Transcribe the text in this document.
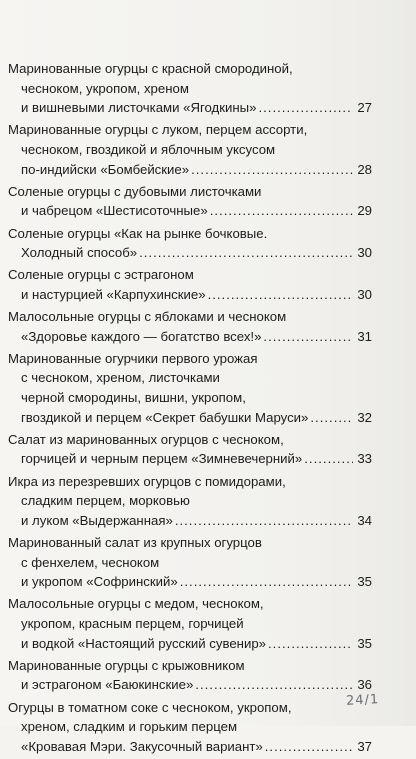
Маринованные огурцы с красной смородиной,
чесноком, укропом, хреном
и вишневыми листочками «Ягодкины» .....	27
Маринованные огурцы с луком, перцем ассорти,
чесноком, гвоздикой и яблочным уксусом
по-индийски «Бомбейские» .....	28
Соленые огурцы с дубовыми листочками
и чабрецом «Шестисоточные» .....	29
Соленые огурцы «Как на рынке бочковые.
Холодный способ» .....	30
Соленые огурцы с эстрагоном
и настурцией «Карпухинские» .....	30
Малосольные огурцы с яблоками и чесноком
«Здоровье каждого — богатство всех!» .....	31
Маринованные огурчики первого урожая
с чесноком, хреном, листочками
черной смородины, вишни, укропом,
гвоздикой и перцем «Секрет бабушки Маруси» .....	32
Салат из маринованных огурцов с чесноком,
горчицей и черным перцем «Зимневечерний» .....	33
Икра из перезревших огурцов с помидорами,
сладким перцем, морковью
и луком «Выдержанная» .....	34
Маринованный салат из крупных огурцов
с фенхелем, чесноком
и укропом «Софринский» .....	35
Малосольные огурцы с медом, чесноком,
укропом, красным перцем, горчицей
и водкой «Настоящий русский сувенир» .....	35
Маринованные огурцы с крыжовником
и эстрагоном «Баюкинские» .....	36
Огурцы в томатном соке с чесноком, укропом,
хреном, сладким и горьким перцем
«Кровавая Мэри. Закусочный вариант» .....	37
24/1
